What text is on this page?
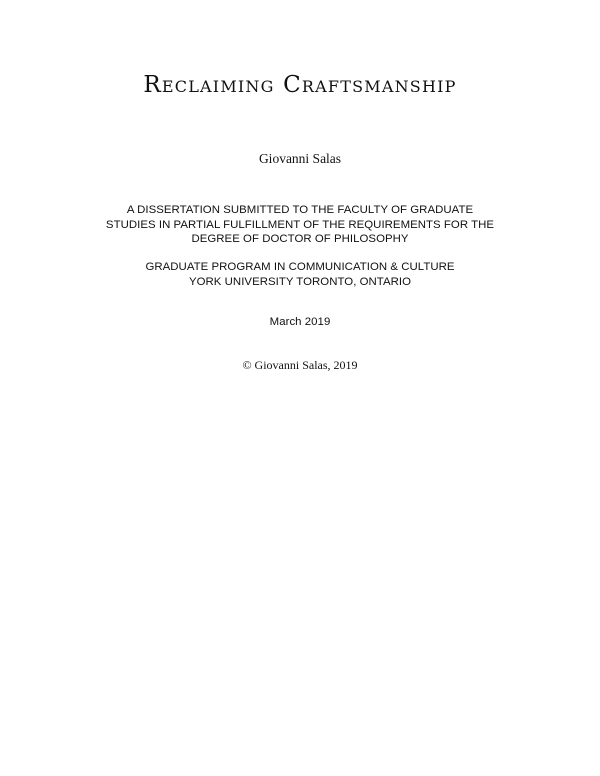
Reclaiming Craftsmanship
Giovanni Salas
A DISSERTATION SUBMITTED TO THE FACULTY OF GRADUATE
STUDIES IN PARTIAL FULFILLMENT OF THE REQUIREMENTS FOR THE
DEGREE OF DOCTOR OF PHILOSOPHY
GRADUATE PROGRAM IN COMMUNICATION & CULTURE
YORK UNIVERSITY TORONTO, ONTARIO
March 2019
© Giovanni Salas, 2019
